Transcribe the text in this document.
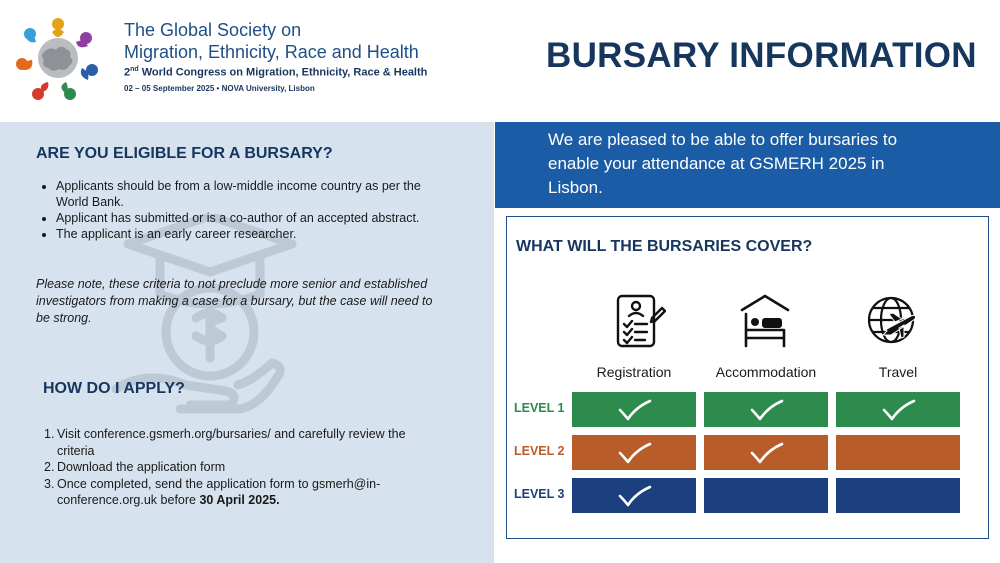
The Global Society on
Migration, Ethnicity, Race and Health
2nd World Congress on Migration, Ethnicity, Race & Health
02 – 05 September 2025 • NOVA University, Lisbon
BURSARY INFORMATION
ARE YOU ELIGIBLE FOR A BURSARY?
• Applicants should be from a low-middle income country as per the World Bank.
• Applicant has submitted or is a co-author of an accepted abstract.
• The applicant is an early career researcher.
Please note, these criteria to not preclude more senior and established investigators from making a case for a bursary, but the case will need to be strong.
HOW DO I APPLY?
1. Visit conference.gsmerh.org/bursaries/ and carefully review the criteria
2. Download the application form
3. Once completed, send the application form to gsmerh@in-conference.org.uk before 30 April 2025.
We are pleased to be able to offer bursaries to enable your attendance at GSMERH 2025 in Lisbon.
WHAT WILL THE BURSARIES COVER?
Registration	Accommodation	Travel
LEVEL 1
LEVEL 2
LEVEL 3
